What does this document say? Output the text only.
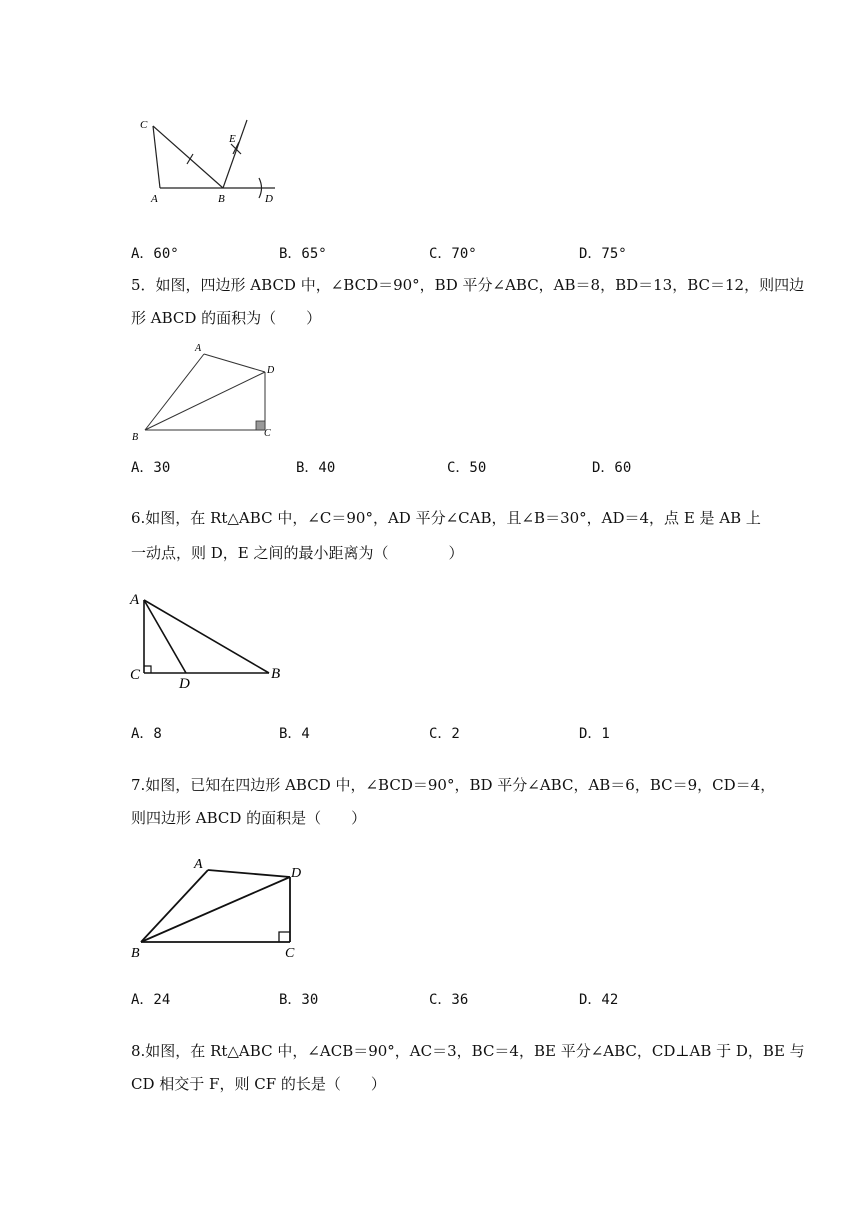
C
E
A	B	D
A．60°	B．65°	C．70°	D．75°
5．如图，四边形 ABCD 中，∠BCD＝90°，BD 平分∠ABC，AB＝8，BD＝13，BC＝12，则四边
形 ABCD 的面积为（　　）
A
D
B	C
A．30	B．40	C．50	D．60
6.如图，在 Rt△ABC 中，∠C＝90°，AD 平分∠CAB，且∠B＝30°，AD＝4，点 E 是 AB 上
一动点，则 D，E 之间的最小距离为（　　　　）
A
C
D
B
A．8	B．4	C．2	D．1
7.如图，已知在四边形 ABCD 中，∠BCD＝90°，BD 平分∠ABC，AB＝6，BC＝9，CD＝4，
则四边形 ABCD 的面积是（　　）
A
D
B	C
A．24	B．30	C．36	D．42
8.如图，在 Rt△ABC 中，∠ACB＝90°，AC＝3，BC＝4，BE 平分∠ABC，CD⊥AB 于 D，BE 与
CD 相交于 F，则 CF 的长是（　　）
